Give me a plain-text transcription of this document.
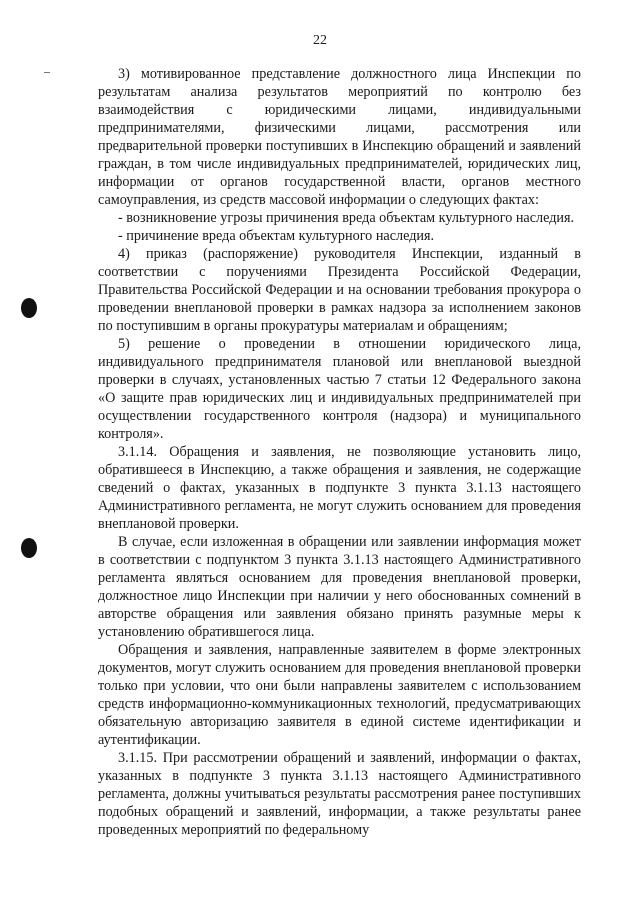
22

3) мотивированное представление должностного лица Инспекции по результатам анализа результатов мероприятий по контролю без взаимодействия с юридическими лицами, индивидуальными предпринимателями, физическими лицами, рассмотрения или предварительной проверки поступивших в Инспекцию обращений и заявлений граждан, в том числе индивидуальных предпринимателей, юридических лиц, информации от органов государственной власти, органов местного самоуправления, из средств массовой информации о следующих фактах:

- возникновение угрозы причинения вреда объектам культурного наследия.

- причинение вреда объектам культурного наследия.

4) приказ (распоряжение) руководителя Инспекции, изданный в соответствии с поручениями Президента Российской Федерации, Правительства Российской Федерации и на основании требования прокурора о проведении внеплановой проверки в рамках надзора за исполнением законов по поступившим в органы прокуратуры материалам и обращениям;

5) решение о проведении в отношении юридического лица, индивидуального предпринимателя плановой или внеплановой выездной проверки в случаях, установленных частью 7 статьи 12 Федерального закона «О защите прав юридических лиц и индивидуальных предпринимателей при осуществлении государственного контроля (надзора) и муниципального контроля».

3.1.14. Обращения и заявления, не позволяющие установить лицо, обратившееся в Инспекцию, а также обращения и заявления, не содержащие сведений о фактах, указанных в подпункте 3 пункта 3.1.13 настоящего Административного регламента, не могут служить основанием для проведения внеплановой проверки.

В случае, если изложенная в обращении или заявлении информация может в соответствии с подпунктом 3 пункта 3.1.13 настоящего Административного регламента являться основанием для проведения внеплановой проверки, должностное лицо Инспекции при наличии у него обоснованных сомнений в авторстве обращения или заявления обязано принять разумные меры к установлению обратившегося лица.

Обращения и заявления, направленные заявителем в форме электронных документов, могут служить основанием для проведения внеплановой проверки только при условии, что они были направлены заявителем с использованием средств информационно-коммуникационных технологий, предусматривающих обязательную авторизацию заявителя в единой системе идентификации и аутентификации.

3.1.15. При рассмотрении обращений и заявлений, информации о фактах, указанных в подпункте 3 пункта 3.1.13 настоящего Административного регламента, должны учитываться результаты рассмотрения ранее поступивших подобных обращений и заявлений, информации, а также результаты ранее проведенных мероприятий по федеральному
